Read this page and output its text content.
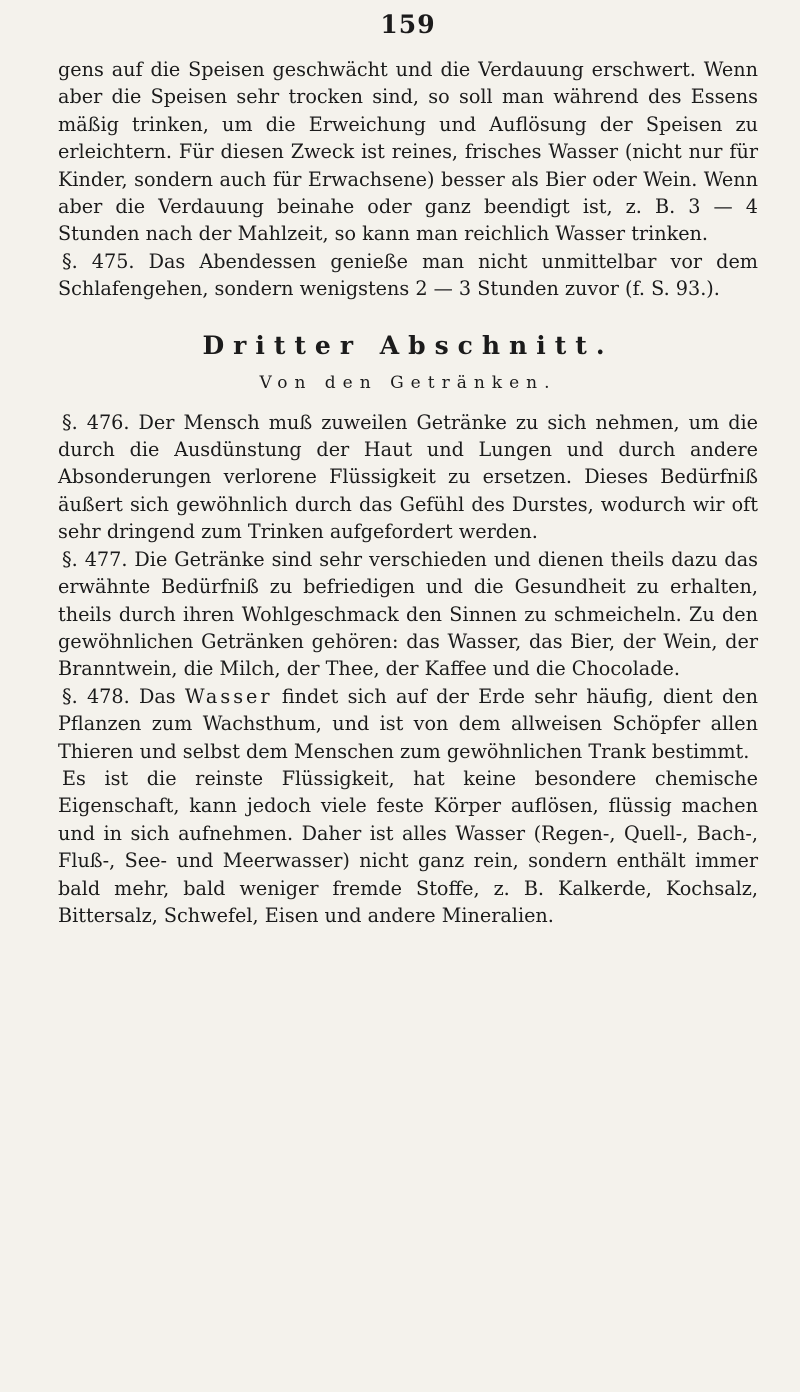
159

gens auf die Speisen geschwächt und die Verdauung erschwert. Wenn aber die Speisen sehr trocken sind, so soll man während des Essens mäßig trinken, um die Erweichung und Auflösung der Speisen zu erleichtern. Für diesen Zweck ist reines, frisches Wasser (nicht nur für Kinder, sondern auch für Erwachsene) besser als Bier oder Wein. Wenn aber die Verdauung beinahe oder ganz beendigt ist, z. B. 3 — 4 Stunden nach der Mahlzeit, so kann man reichlich Wasser trinken.

§. 475. Das Abendessen genieße man nicht unmittelbar vor dem Schlafengehen, sondern wenigstens 2 — 3 Stunden zuvor (f. S. 93.).

Dritter Abschnitt.
Von den Getränken.

§. 476. Der Mensch muß zuweilen Getränke zu sich nehmen, um die durch die Ausdünstung der Haut und Lungen und durch andere Absonderungen verlorene Flüssigkeit zu ersetzen. Dieses Bedürfniß äußert sich gewöhnlich durch das Gefühl des Durstes, wodurch wir oft sehr dringend zum Trinken aufgefordert werden.

§. 477. Die Getränke sind sehr verschieden und dienen theils dazu das erwähnte Bedürfniß zu befriedigen und die Gesundheit zu erhalten, theils durch ihren Wohlgeschmack den Sinnen zu schmeicheln. Zu den gewöhnlichen Getränken gehören: das Wasser, das Bier, der Wein, der Branntwein, die Milch, der Thee, der Kaffee und die Chocolade.

§. 478. Das Wasser findet sich auf der Erde sehr häufig, dient den Pflanzen zum Wachsthum, und ist von dem allweisen Schöpfer allen Thieren und selbst dem Menschen zum gewöhnlichen Trank bestimmt.

Es ist die reinste Flüssigkeit, hat keine besondere chemische Eigenschaft, kann jedoch viele feste Körper auflösen, flüssig machen und in sich aufnehmen. Daher ist alles Wasser (Regen-, Quell-, Bach-, Fluß-, See- und Meerwasser) nicht ganz rein, sondern enthält immer bald mehr, bald weniger fremde Stoffe, z. B. Kalkerde, Kochsalz, Bittersalz, Schwefel, Eisen und andere Mineralien.
